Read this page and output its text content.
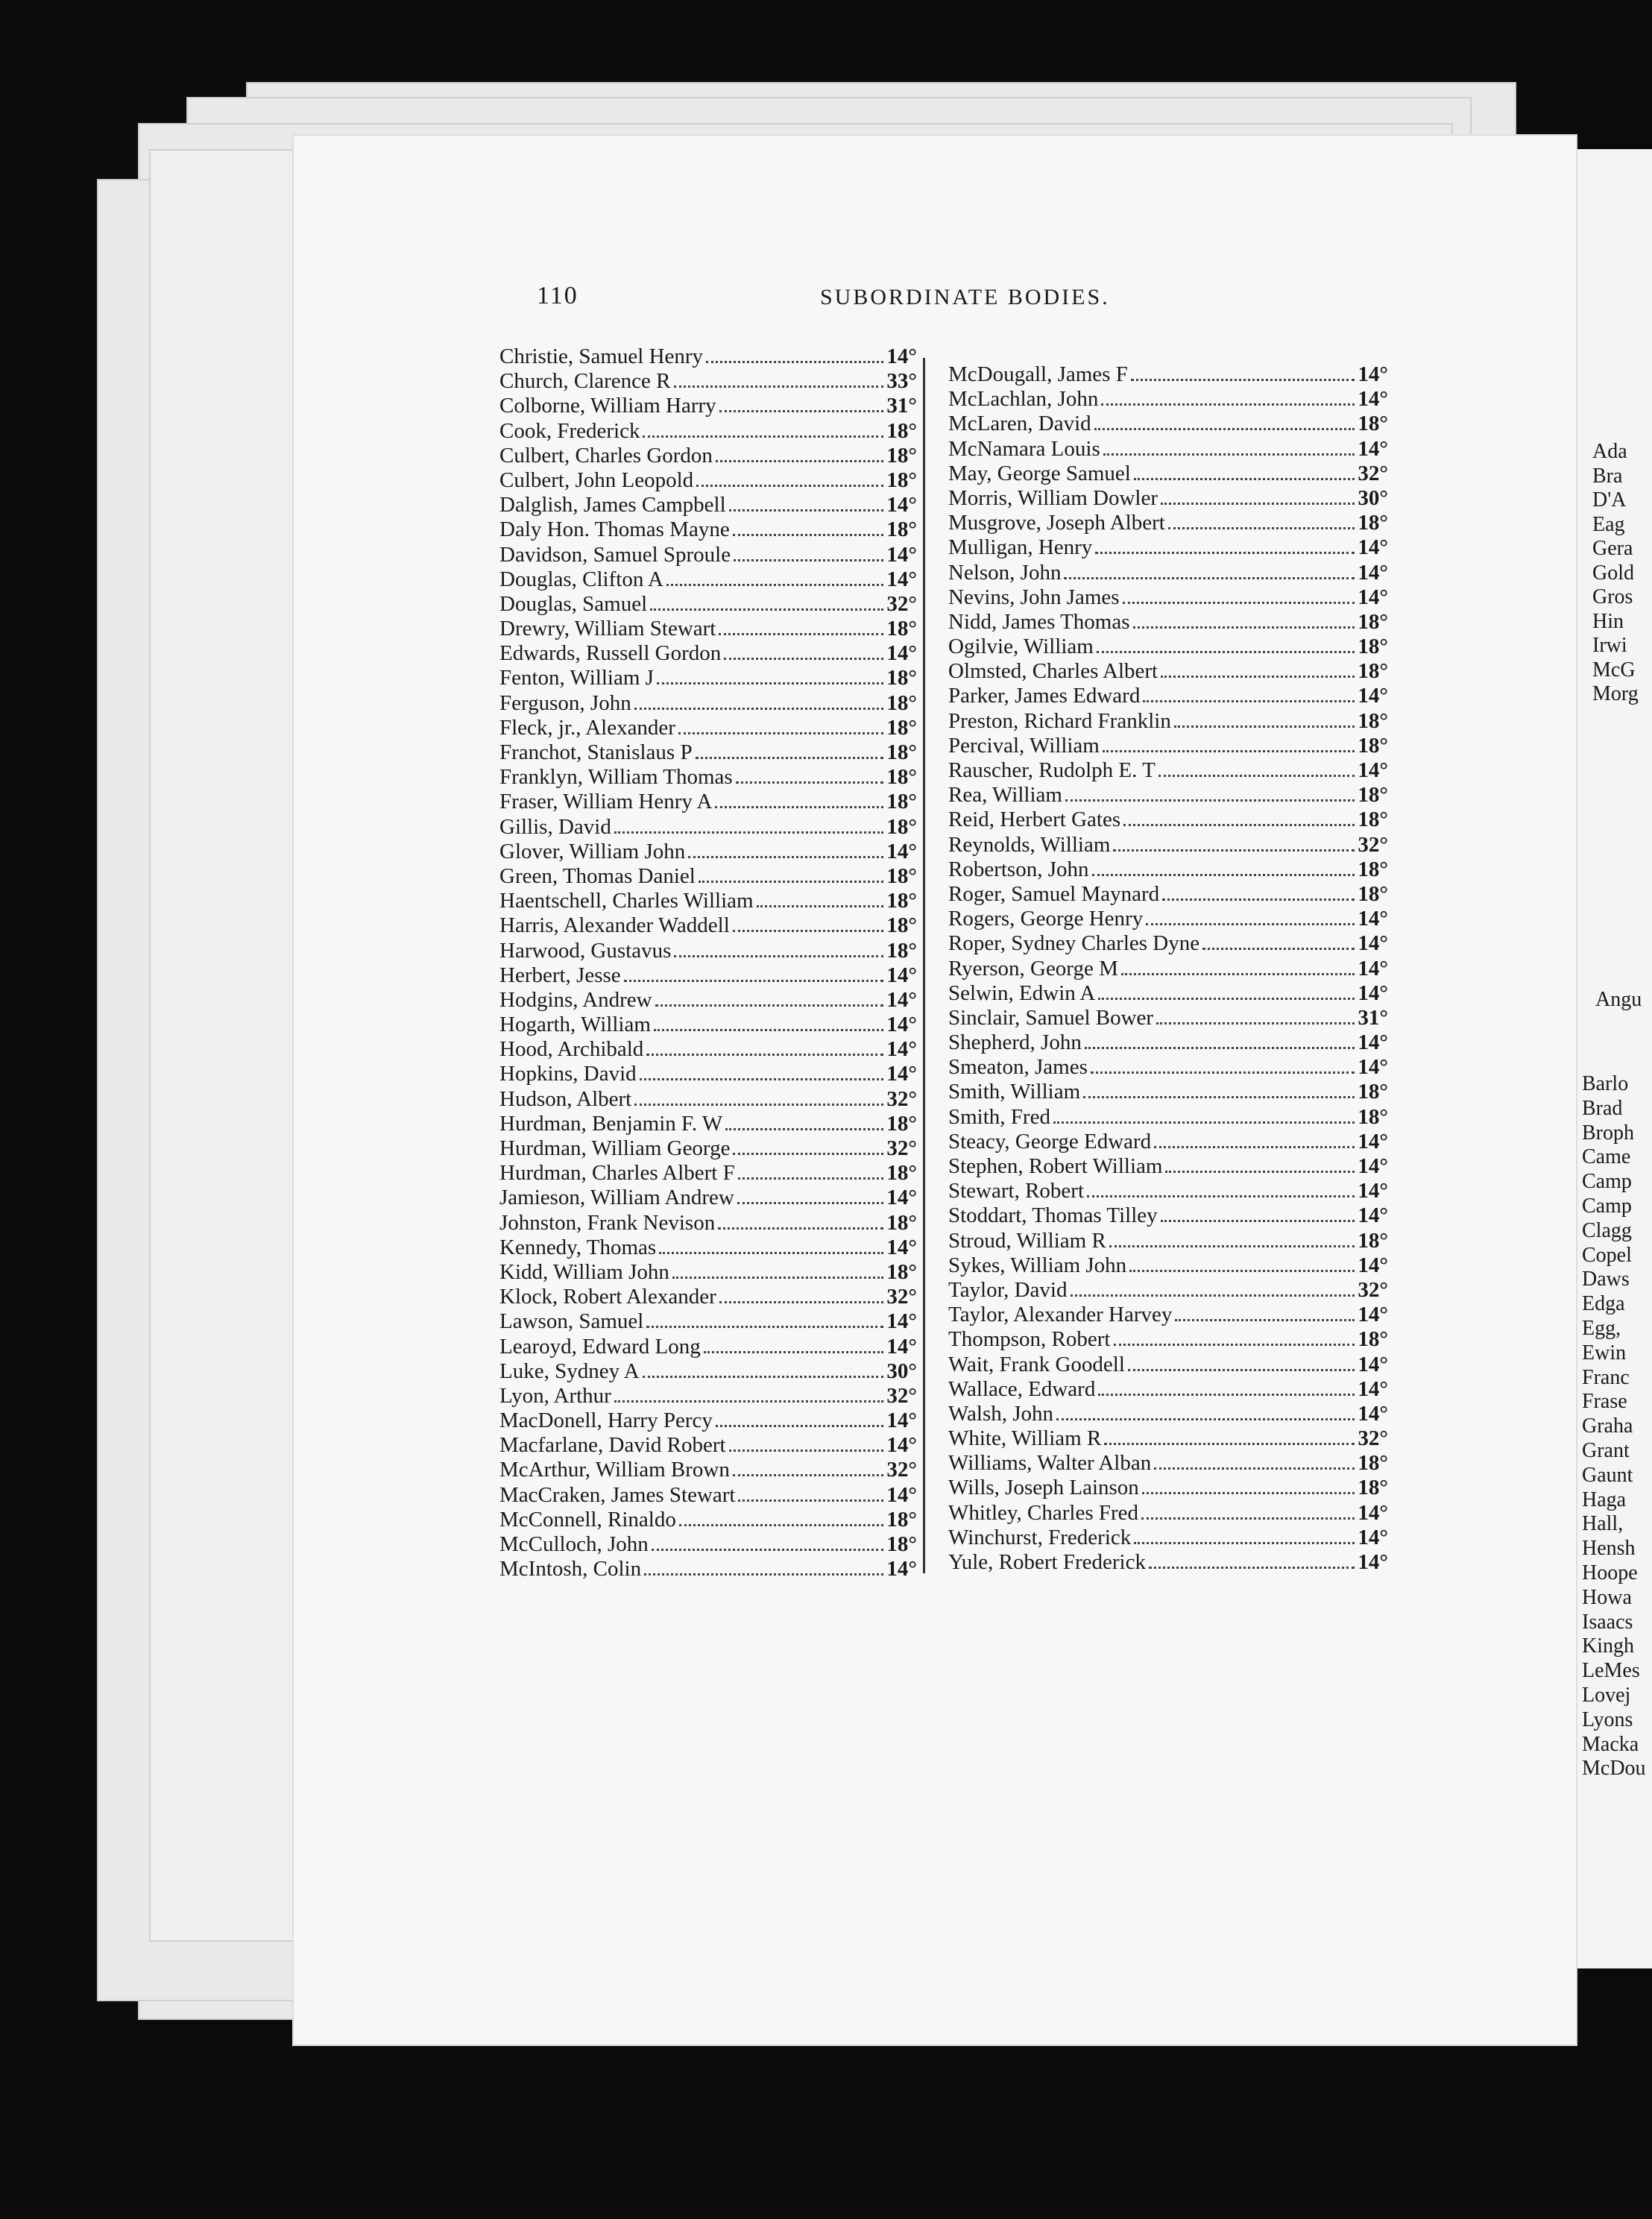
110	SUBORDINATE BODIES.
Christie, Samuel Henry	14°
Church, Clarence R	33°
Colborne, William Harry	31°
Cook, Frederick	18°
Culbert, Charles Gordon	18°
Culbert, John Leopold	18°
Dalglish, James Campbell	14°
Daly Hon. Thomas Mayne	18°
Davidson, Samuel Sproule	14°
Douglas, Clifton A	14°
Douglas, Samuel	32°
Drewry, William Stewart	18°
Edwards, Russell Gordon	14°
Fenton, William J	18°
Ferguson, John	18°
Fleck, jr., Alexander	18°
Franchot, Stanislaus P	18°
Franklyn, William Thomas	18°
Fraser, William Henry A	18°
Gillis, David	18°
Glover, William John	14°
Green, Thomas Daniel	18°
Haentschell, Charles William	18°
Harris, Alexander Waddell	18°
Harwood, Gustavus	18°
Herbert, Jesse	14°
Hodgins, Andrew	14°
Hogarth, William	14°
Hood, Archibald	14°
Hopkins, David	14°
Hudson, Albert	32°
Hurdman, Benjamin F. W	18°
Hurdman, William George	32°
Hurdman, Charles Albert F	18°
Jamieson, William Andrew	14°
Johnston, Frank Nevison	18°
Kennedy, Thomas	14°
Kidd, William John	18°
Klock, Robert Alexander	32°
Lawson, Samuel	14°
Learoyd, Edward Long	14°
Luke, Sydney A	30°
Lyon, Arthur	32°
MacDonell, Harry Percy	14°
Macfarlane, David Robert	14°
McArthur, William Brown	32°
MacCraken, James Stewart	14°
McConnell, Rinaldo	18°
McCulloch, John	18°
McIntosh, Colin	14°
McDougall, James F	14°
McLachlan, John	14°
McLaren, David	18°
McNamara Louis	14°
May, George Samuel	32°
Morris, William Dowler	30°
Musgrove, Joseph Albert	18°
Mulligan, Henry	14°
Nelson, John	14°
Nevins, John James	14°
Nidd, James Thomas	18°
Ogilvie, William	18°
Olmsted, Charles Albert	18°
Parker, James Edward	14°
Preston, Richard Franklin	18°
Percival, William	18°
Rauscher, Rudolph E. T	14°
Rea, William	18°
Reid, Herbert Gates	18°
Reynolds, William	32°
Robertson, John	18°
Roger, Samuel Maynard	18°
Rogers, George Henry	14°
Roper, Sydney Charles Dyne	14°
Ryerson, George M	14°
Selwin, Edwin A	14°
Sinclair, Samuel Bower	31°
Shepherd, John	14°
Smeaton, James	14°
Smith, William	18°
Smith, Fred	18°
Steacy, George Edward	14°
Stephen, Robert William	14°
Stewart, Robert	14°
Stoddart, Thomas Tilley	14°
Stroud, William R	18°
Sykes, William John	14°
Taylor, David	32°
Taylor, Alexander Harvey	14°
Thompson, Robert	18°
Wait, Frank Goodell	14°
Wallace, Edward	14°
Walsh, John	14°
White, William R	32°
Williams, Walter Alban	18°
Wills, Joseph Lainson	18°
Whitley, Charles Fred	14°
Winchurst, Frederick	14°
Yule, Robert Frederick	14°
Ada
Bra
D'A
Eag
Gera
Gold
Gros
Hin
Irwi
McG
Morg
Angu
Barlo
Brad
Broph
Came
Camp
Camp
Clagg
Copel
Daws
Edga
Egg,
Ewin
Franc
Frase
Graha
Grant
Gaunt
Haga
Hall,
Hensh
Hoope
Howa
Isaacs
Kingh
LeMes
Lovej
Lyons
Macka
McDou
